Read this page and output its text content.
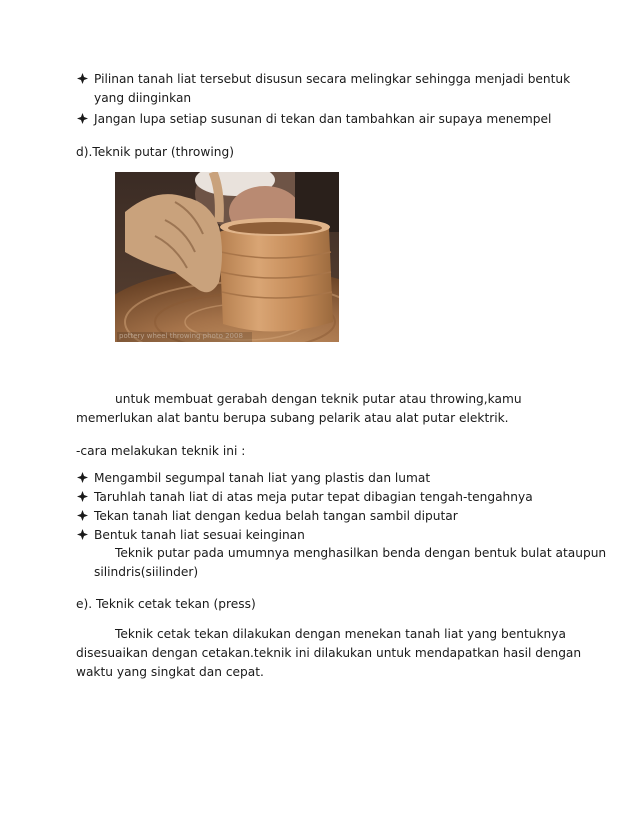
Pilinan tanah liat tersebut disusun secara melingkar sehingga menjadi bentuk
yang diinginkan
Jangan lupa setiap susunan di tekan dan tambahkan air supaya menempel
d).Teknik putar (throwing)
pottery wheel throwing photo 2008
untuk membuat gerabah dengan teknik putar atau throwing,kamu
memerlukan alat bantu berupa subang pelarik atau alat putar elektrik.
-cara melakukan teknik ini :
Mengambil segumpal tanah liat yang plastis dan lumat
Taruhlah tanah liat di atas meja putar tepat dibagian tengah-tengahnya
Tekan tanah liat dengan kedua belah tangan sambil diputar
Bentuk tanah liat sesuai keinginan
Teknik putar pada umumnya menghasilkan benda dengan bentuk bulat ataupun
silindris(siilinder)
e). Teknik cetak tekan (press)
Teknik cetak tekan dilakukan dengan menekan tanah liat yang bentuknya
disesuaikan dengan cetakan.teknik ini dilakukan untuk mendapatkan hasil dengan
waktu yang singkat dan cepat.
